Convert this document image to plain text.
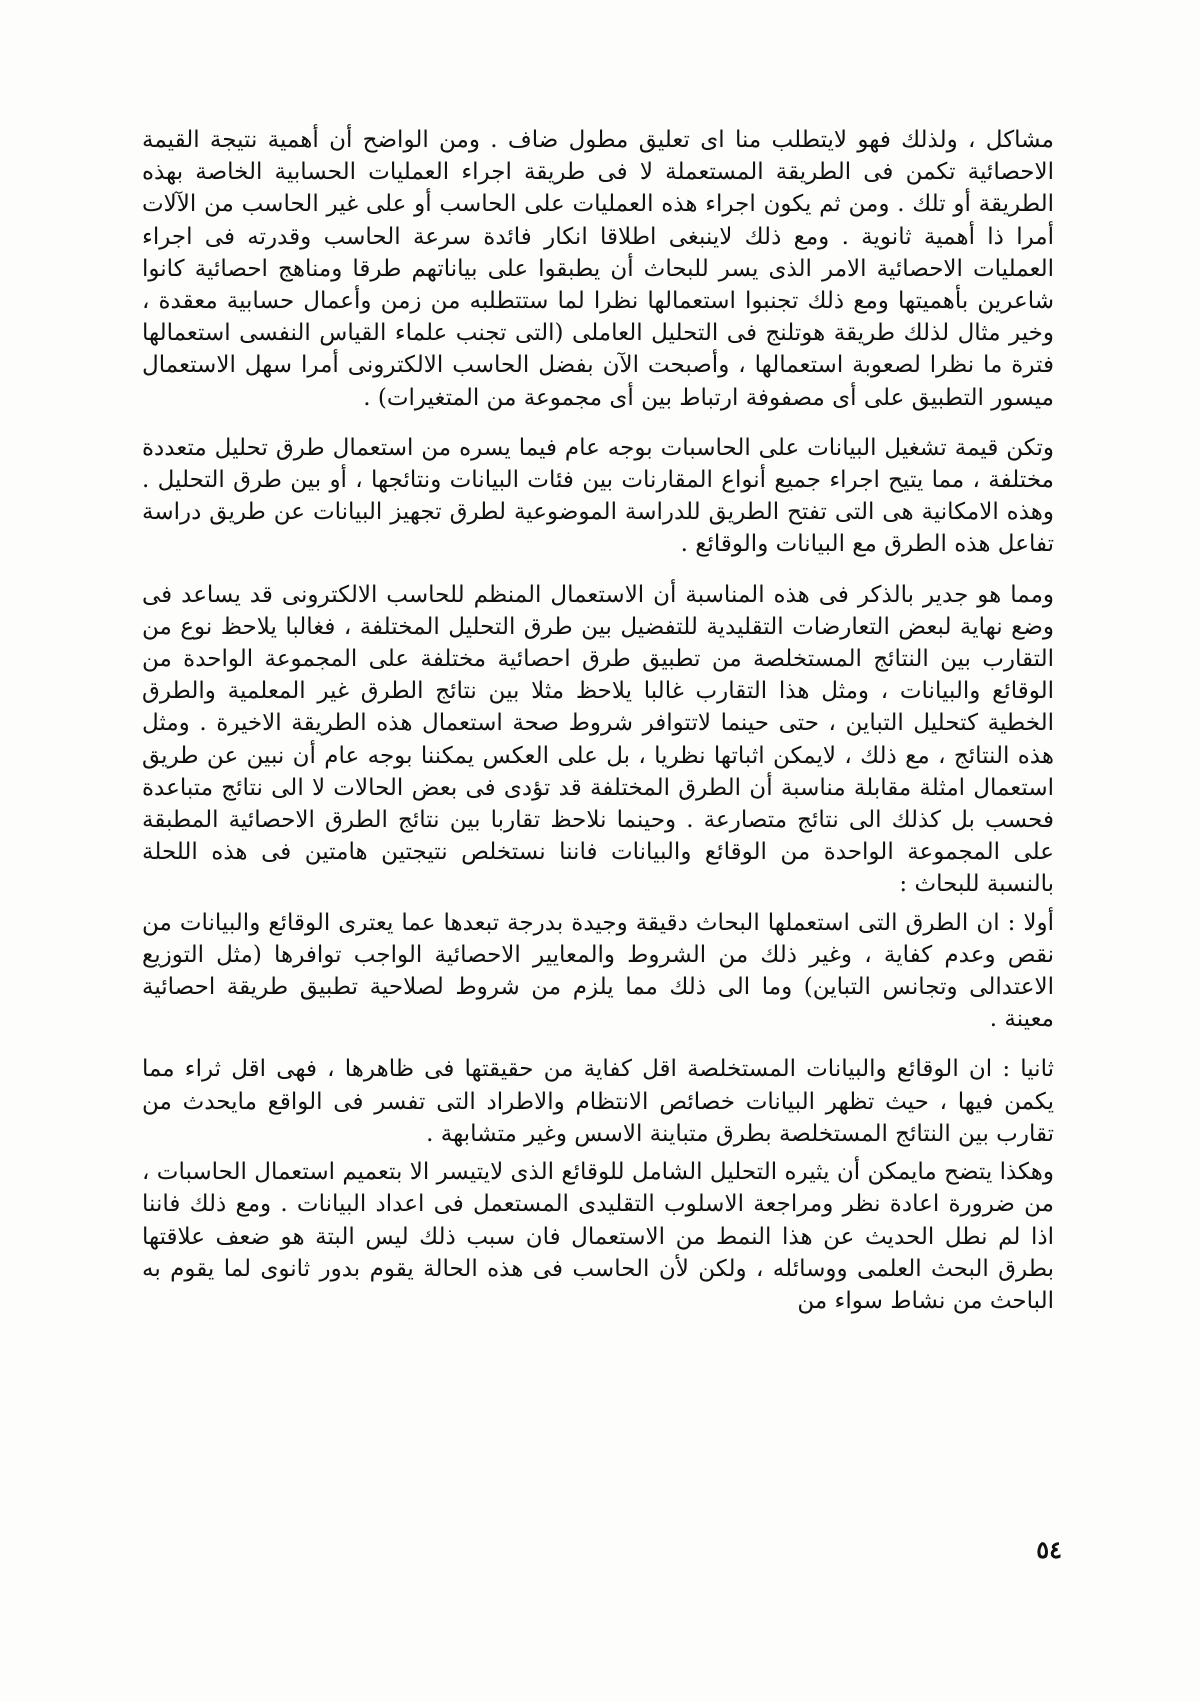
مشاكل ، ولذلك فهو لايتطلب منا اى تعليق مطول ضاف . ومن الواضح أن أهمية نتيجة القيمة الاحصائية تكمن فى الطريقة المستعملة لا فى طريقة اجراء العمليات الحسابية الخاصة بهذه الطريقة أو تلك . ومن ثم يكون اجراء هذه العمليات على الحاسب أو على غير الحاسب من الآلات أمرا ذا أهمية ثانوية . ومع ذلك لاينبغى اطلاقا انكار فائدة سرعة الحاسب وقدرته فى اجراء العمليات الاحصائية الامر الذى يسر للبحاث أن يطبقوا على بياناتهم طرقا ومناهج احصائية كانوا شاعرين بأهميتها ومع ذلك تجنبوا استعمالها نظرا لما ستتطلبه من زمن وأعمال حسابية معقدة ، وخير مثال لذلك طريقة هوتلنج فى التحليل العاملى (التى تجنب علماء القياس النفسى استعمالها فترة ما نظرا لصعوبة استعمالها ، وأصبحت الآن بفضل الحاسب الالكترونى أمرا سهل الاستعمال ميسور التطبيق على أى مصفوفة ارتباط بين أى مجموعة من المتغيرات) .

وتكن قيمة تشغيل البيانات على الحاسبات بوجه عام فيما يسره من استعمال طرق تحليل متعددة مختلفة ، مما يتيح اجراء جميع أنواع المقارنات بين فئات البيانات ونتائجها ، أو بين طرق التحليل . وهذه الامكانية هى التى تفتح الطريق للدراسة الموضوعية لطرق تجهيز البيانات عن طريق دراسة تفاعل هذه الطرق مع البيانات والوقائع .

ومما هو جدير بالذكر فى هذه المناسبة أن الاستعمال المنظم للحاسب الالكترونى قد يساعد فى وضع نهاية لبعض التعارضات التقليدية للتفضيل بين طرق التحليل المختلفة ، فغالبا يلاحظ نوع من التقارب بين النتائج المستخلصة من تطبيق طرق احصائية مختلفة على المجموعة الواحدة من الوقائع والبيانات ، ومثل هذا التقارب غالبا يلاحظ مثلا بين نتائج الطرق غير المعلمية والطرق الخطية كتحليل التباين ، حتى حينما لاتتوافر شروط صحة استعمال هذه الطريقة الاخيرة . ومثل هذه النتائج ، مع ذلك ، لايمكن اثباتها نظريا ، بل على العكس يمكننا بوجه عام أن نبين عن طريق استعمال امثلة مقابلة مناسبة أن الطرق المختلفة قد تؤدى فى بعض الحالات لا الى نتائج متباعدة فحسب بل كذلك الى نتائج متصارعة . وحينما نلاحظ تقاربا بين نتائج الطرق الاحصائية المطبقة على المجموعة الواحدة من الوقائع والبيانات فاننا نستخلص نتيجتين هامتين فى هذه اللحلة بالنسبة للبحاث :

أولا : ان الطرق التى استعملها البحاث دقيقة وجيدة بدرجة تبعدها عما يعترى الوقائع والبيانات من نقص وعدم كفاية ، وغير ذلك من الشروط والمعايير الاحصائية الواجب توافرها (مثل التوزيع الاعتدالى وتجانس التباين) وما الى ذلك مما يلزم من شروط لصلاحية تطبيق طريقة احصائية معينة .

ثانيا : ان الوقائع والبيانات المستخلصة اقل كفاية من حقيقتها فى ظاهرها ، فهى اقل ثراء مما يكمن فيها ، حيث تظهر البيانات خصائص الانتظام والاطراد التى تفسر فى الواقع مايحدث من تقارب بين النتائج المستخلصة بطرق متباينة الاسس وغير متشابهة .

وهكذا يتضح مايمكن أن يثيره التحليل الشامل للوقائع الذى لايتيسر الا بتعميم استعمال الحاسبات ، من ضرورة اعادة نظر ومراجعة الاسلوب التقليدى المستعمل فى اعداد البيانات . ومع ذلك فاننا اذا لم نطل الحديث عن هذا النمط من الاستعمال فان سبب ذلك ليس البتة هو ضعف علاقتها بطرق البحث العلمى ووسائله ، ولكن لأن الحاسب فى هذه الحالة يقوم بدور ثانوى لما يقوم به الباحث من نشاط سواء من

٥٤
